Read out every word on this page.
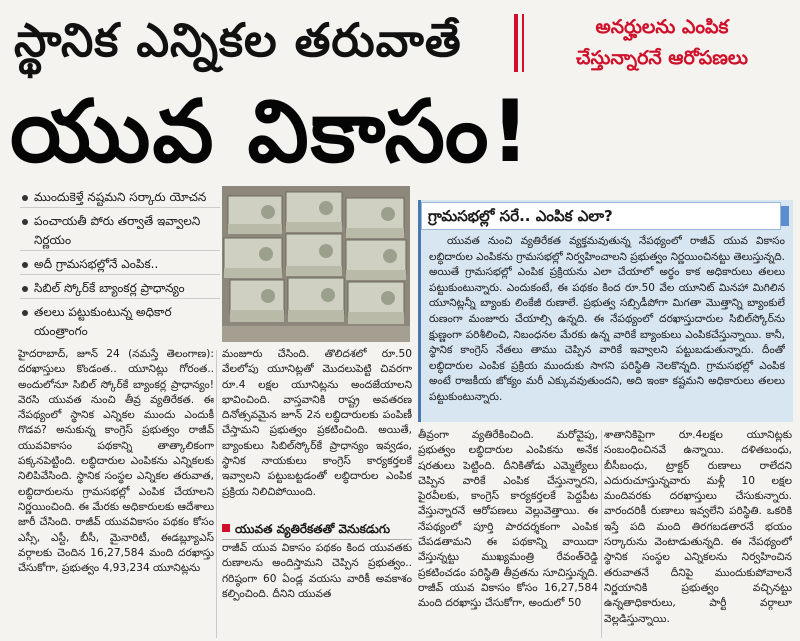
స్థానిక ఎన్నికల తరువాతే	అనర్హులను ఎంపిక
చేస్తున్నారనే ఆరోపణలు
యువ వికాసం!
ముందుకెళ్తే నష్టమని సర్కారు యోచన
పంచాయతీ పోరు తర్వాతే ఇవ్వాలని నిర్ణయం
అదీ గ్రామసభల్లోనే ఎంపిక..
సిబిల్ స్కోర్‌కే బ్యాంకర్ల ప్రాధాన్యం
తలలు పట్టుకుంటున్న అధికార యంత్రాంగం
గ్రామసభల్లో సరే.. ఎంపిక ఎలా?
యువత నుంచి వ్యతిరేకత వ్యక్తమవుతున్న నేపథ్యంలో రాజీవ్ యువ వికాసం లబ్ధిదారుల ఎంపికను గ్రామసభల్లో నిర్వహించాలని ప్రభుత్వం నిర్ణయించినట్టు తెలుస్తున్నది. అయితే గ్రామసభల్లో ఎంపిక ప్రక్రియను ఎలా చేయాలో అర్థం కాక అధికారులు తలలు పట్టుకుంటున్నారు. ఎందుకంటే, ఈ పథకం కింద రూ.50 వేల యూనిట్ మినహా మిగిలిన యూనిట్లన్నీ బ్యాంకు లింకేజీ రుణాలే. ప్రభుత్వ సబ్సిడీపోగా మిగతా మొత్తాన్ని బ్యాంకులే రుణంగా మంజూరు చేయాల్సి ఉన్నది. ఈ నేపథ్యంలో దరఖాస్తుదారుల సిబిల్‌స్కోర్‌ను క్షుణ్ణంగా పరిశీలించి, నిబంధనల మేరకు ఉన్న వారికే బ్యాంకులు ఎంపికచేస్తున్నాయి. కానీ, స్థానిక కాంగ్రెస్ నేతలు తాము చెప్పిన వారికే ఇవ్వాలని పట్టుబడుతున్నారు. దీంతో లబ్ధిదారుల ఎంపిక ప్రక్రియ ముందుకు సాగని పరిస్థితి నెలకొన్నది. గ్రామసభల్లో ఎంపిక అంటే రాజకీయ జోక్యం మరీ ఎక్కువవుతుందని, అది ఇంకా కష్టమని అధికారులు తలలు పట్టుకుంటున్నారు.
హైదరాబాద్, జూన్ 24 (నమస్తే తెలంగాణ): దరఖాస్తులు కొండంత.. యూనిట్లు గోరంత.. అందులోనూ సిబిల్ స్కోర్‌కే బ్యాంకర్ల ప్రాధాన్యం! వెరసి యువత నుంచి తీవ్ర వ్యతిరేకత. ఈ నేపథ్యంలో స్థానిక ఎన్నికల ముందు ఎందుకీ గొడవ? అనుకున్న కాంగ్రెస్ ప్రభుత్వం రాజీవ్ యువవికాసం పథకాన్ని తాత్కాలికంగా పక్కనపెట్టింది. లబ్ధిదారుల ఎంపికను ఎన్నికలకు నిలిపివేసింది. స్థానిక సంస్థల ఎన్నికల తరువాత, లబ్ధిదారులను గ్రామసభల్లో ఎంపిక చేయాలని నిర్ణయించింది. ఈ మేరకు అధికారులకు ఆదేశాలు జారీ చేసింది. రాజీవ్ యువవికాసం పథకం కోసం ఎస్సీ, ఎస్టీ, బీసీ, మైనారిటీ, ఈడబ్ల్యూఎస్ వర్గాలకు చెందిన 16,27,584 మంది దరఖాస్తు చేసుకోగా, ప్రభుత్వం 4,93,234 యూనిట్లను
మంజూరు చేసింది. తొలిదశలో రూ.50 వేలలోపు యూనిట్లతో మొదలుపెట్టి చివరగా రూ.4 లక్షల యూనిట్లను అందజేయాలని భావించింది. వాస్తవానికి రాష్ట్ర అవతరణ దినోత్సవమైన జూన్ 2న లబ్ధిదారులకు పంపిణీ చేస్తామని ప్రభుత్వం ప్రకటించింది. అయితే, బ్యాంకులు సిబిల్‌స్కోర్‌కే ప్రాధాన్యం ఇవ్వడం, స్థానిక నాయకులు కాంగ్రెస్ కార్యకర్తలకే ఇవ్వాలని పట్టుబట్టడంతో లబ్ధిదారుల ఎంపిక ప్రక్రియ నిలిచిపోయింది.
యువత వ్యతిరేకతతో వెనుకడుగు
రాజీవ్ యువ వికాసం పథకం కింద యువతకు రుణాలను అందిస్తామని చెప్పిన ప్రభుత్వం.. గరిష్ఠంగా 60 ఏండ్ల వయసు వారికీ అవకాశం కల్పించింది. దీనిని యువత
తీవ్రంగా వ్యతిరేకించింది. మరోవైపు, ప్రభుత్వం లబ్ధిదారుల ఎంపికను అనేక షరతులు పెట్టింది. దీనికితోడు ఎమ్మెల్యేలు చెప్పిన వారికే ఎంపిక చేస్తున్నారని, పైరవీలకు, కాంగ్రెస్ కార్యకర్తలకే పెద్దపీట వేస్తున్నారనే ఆరోపణలు వెల్లువెత్తాయి. ఈ నేపథ్యంలో పూర్తి పారదర్శకంగా ఎంపిక చేపడతామని ఈ పథకాన్ని వాయిదా వేస్తున్నట్టు ముఖ్యమంత్రి రేవంత్‌రెడ్డి ప్రకటించడం పరిస్థితి తీవ్రతను సూచిస్తున్నది. రాజీవ్ యువ వికాసం కోసం 16,27,584 మంది దరఖాస్తు చేసుకోగా, అందులో 50
శాతానికిపైగా రూ.4లక్షల యూనిట్లకు సంబంధించినవే ఉన్నాయి. దళితబంధు, బీసీబంధు, ట్రాక్టర్ రుణాలు రాలేదని ఎదురుచూస్తున్నవారు మళ్లీ 10 లక్షల మందివరకు దరఖాస్తులు చేసుకున్నారు. వారందరికీ రుణాలు ఇవ్వలేని పరిస్థితి. ఒకరికి ఇస్తే పది మంది తిరగబడతారనే భయం సర్కారును వెంటాడుతున్నది. ఈ నేపథ్యంలో స్థానిక సంస్థల ఎన్నికలను నిర్వహించిన తరువాతనే దీనిపై ముందుకుపోవాలనే నిర్ణయానికి ప్రభుత్వం వచ్చినట్టు ఉన్నతాధికారులు, పార్టీ వర్గాలూ వెల్లడిస్తున్నాయి.
